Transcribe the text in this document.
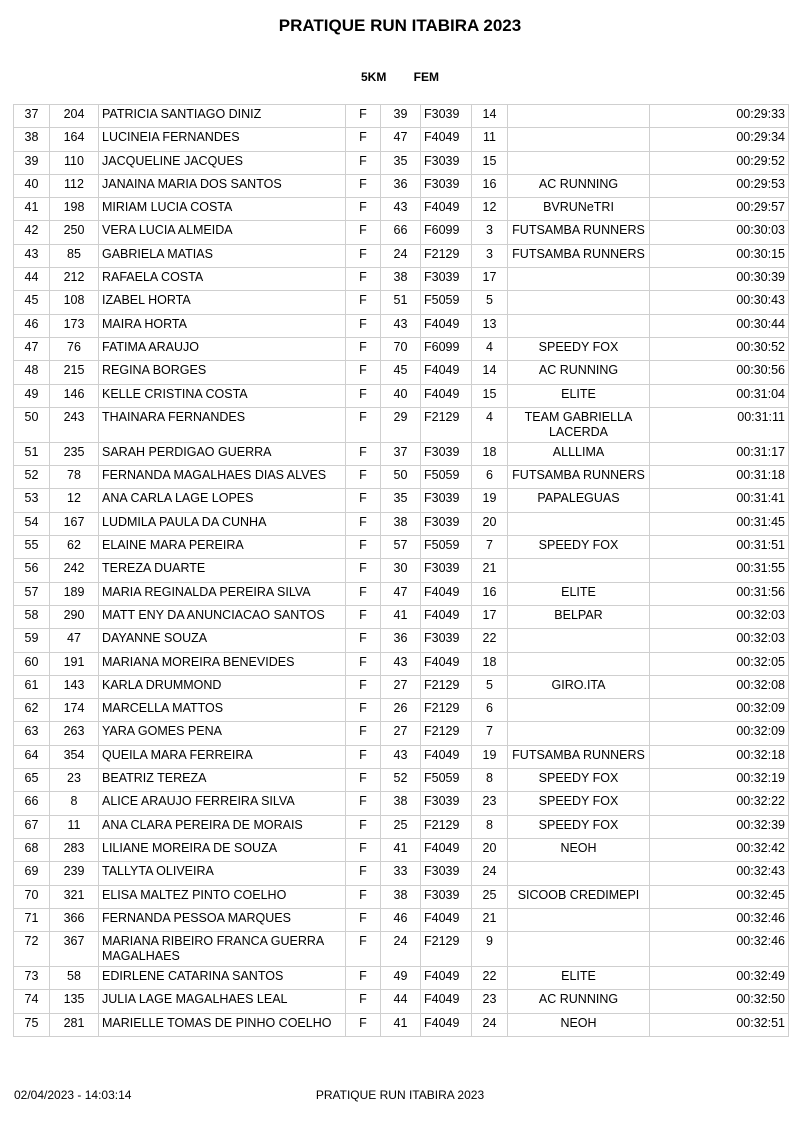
PRATIQUE RUN ITABIRA 2023
5KM FEM
37	204	PATRICIA SANTIAGO DINIZ	F	39	F3039	14		00:29:33
38	164	LUCINEIA FERNANDES	F	47	F4049	11		00:29:34
39	110	JACQUELINE JACQUES	F	35	F3039	15		00:29:52
40	112	JANAINA MARIA DOS SANTOS	F	36	F3039	16	AC RUNNING	00:29:53
41	198	MIRIAM LUCIA COSTA	F	43	F4049	12	BVRUNeTRI	00:29:57
42	250	VERA LUCIA ALMEIDA	F	66	F6099	3	FUTSAMBA RUNNERS	00:30:03
43	85	GABRIELA MATIAS	F	24	F2129	3	FUTSAMBA RUNNERS	00:30:15
44	212	RAFAELA COSTA	F	38	F3039	17		00:30:39
45	108	IZABEL HORTA	F	51	F5059	5		00:30:43
46	173	MAIRA HORTA	F	43	F4049	13		00:30:44
47	76	FATIMA ARAUJO	F	70	F6099	4	SPEEDY FOX	00:30:52
48	215	REGINA BORGES	F	45	F4049	14	AC RUNNING	00:30:56
49	146	KELLE CRISTINA COSTA	F	40	F4049	15	ELITE	00:31:04
50	243	THAINARA FERNANDES	F	29	F2129	4	TEAM GABRIELLA LACERDA	00:31:11
51	235	SARAH PERDIGAO GUERRA	F	37	F3039	18	ALLLIMA	00:31:17
52	78	FERNANDA MAGALHAES DIAS ALVES	F	50	F5059	6	FUTSAMBA RUNNERS	00:31:18
53	12	ANA CARLA LAGE LOPES	F	35	F3039	19	PAPALEGUAS	00:31:41
54	167	LUDMILA PAULA DA CUNHA	F	38	F3039	20		00:31:45
55	62	ELAINE MARA PEREIRA	F	57	F5059	7	SPEEDY FOX	00:31:51
56	242	TEREZA DUARTE	F	30	F3039	21		00:31:55
57	189	MARIA REGINALDA PEREIRA SILVA	F	47	F4049	16	ELITE	00:31:56
58	290	MATT ENY DA ANUNCIACAO SANTOS	F	41	F4049	17	BELPAR	00:32:03
59	47	DAYANNE SOUZA	F	36	F3039	22		00:32:03
60	191	MARIANA MOREIRA BENEVIDES	F	43	F4049	18		00:32:05
61	143	KARLA DRUMMOND	F	27	F2129	5	GIRO.ITA	00:32:08
62	174	MARCELLA MATTOS	F	26	F2129	6		00:32:09
63	263	YARA GOMES PENA	F	27	F2129	7		00:32:09
64	354	QUEILA MARA FERREIRA	F	43	F4049	19	FUTSAMBA RUNNERS	00:32:18
65	23	BEATRIZ TEREZA	F	52	F5059	8	SPEEDY FOX	00:32:19
66	8	ALICE ARAUJO FERREIRA SILVA	F	38	F3039	23	SPEEDY FOX	00:32:22
67	11	ANA CLARA PEREIRA DE MORAIS	F	25	F2129	8	SPEEDY FOX	00:32:39
68	283	LILIANE MOREIRA DE SOUZA	F	41	F4049	20	NEOH	00:32:42
69	239	TALLYTA OLIVEIRA	F	33	F3039	24		00:32:43
70	321	ELISA MALTEZ PINTO COELHO	F	38	F3039	25	SICOOB CREDIMEPI	00:32:45
71	366	FERNANDA PESSOA MARQUES	F	46	F4049	21		00:32:46
72	367	MARIANA RIBEIRO FRANCA GUERRA MAGALHAES	F	24	F2129	9		00:32:46
73	58	EDIRLENE CATARINA SANTOS	F	49	F4049	22	ELITE	00:32:49
74	135	JULIA LAGE MAGALHAES LEAL	F	44	F4049	23	AC RUNNING	00:32:50
75	281	MARIELLE TOMAS DE PINHO COELHO	F	41	F4049	24	NEOH	00:32:51
02/04/2023 - 14:03:14	PRATIQUE RUN ITABIRA 2023
